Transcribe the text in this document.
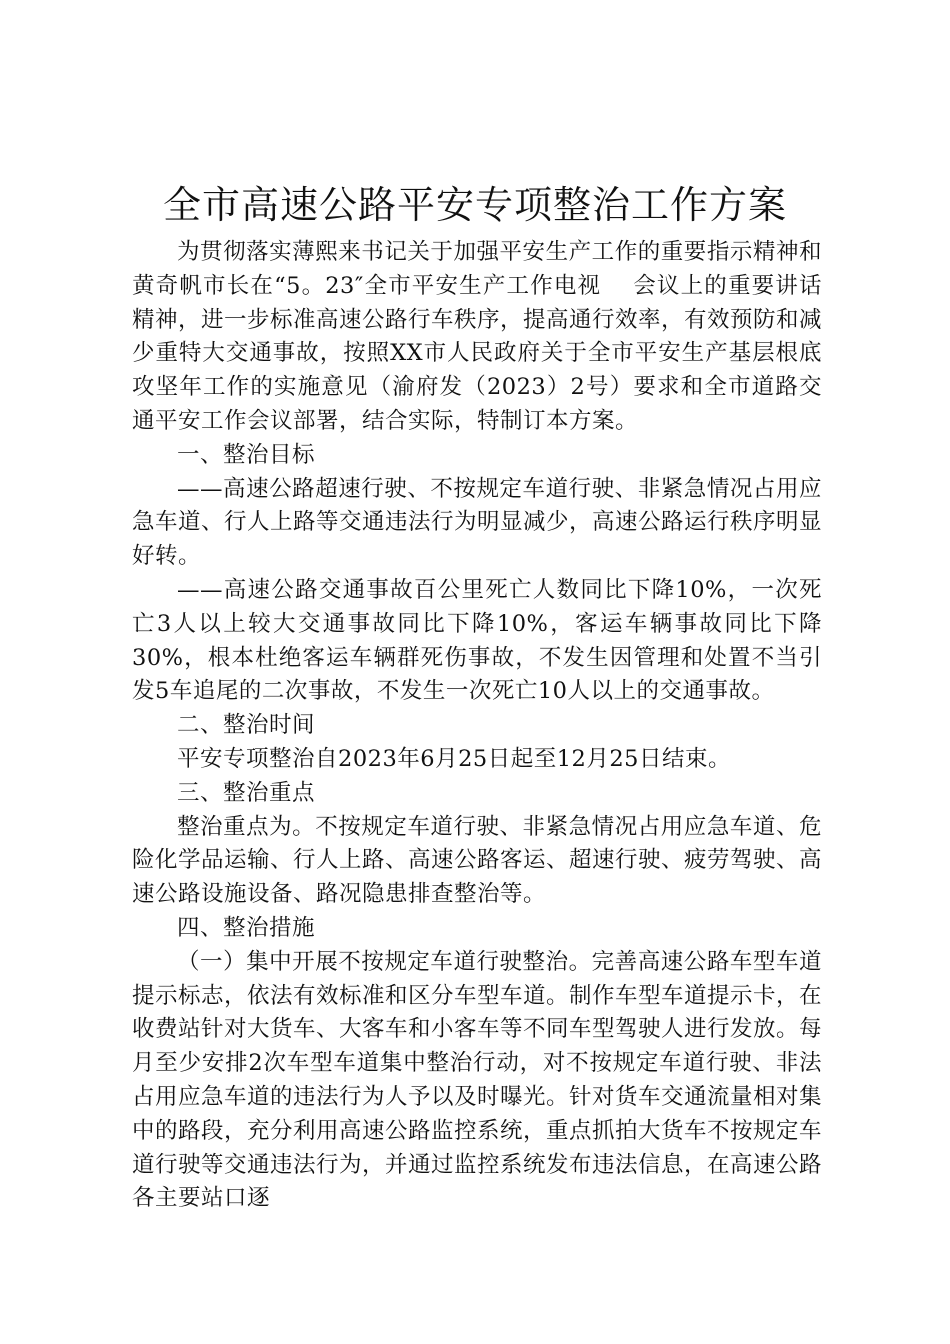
全市高速公路平安专项整治工作方案

为贯彻落实薄熙来书记关于加强平安生产工作的重要指示精神和黄奇帆市长在“5。23″全市平安生产工作电视　 会议上的重要讲话精神，进一步标准高速公路行车秩序，提高通行效率，有效预防和减少重特大交通事故，按照XX市人民政府关于全市平安生产基层根底攻坚年工作的实施意见（渝府发（2023）2号）要求和全市道路交通平安工作会议部署，结合实际，特制订本方案。

一、整治目标

——高速公路超速行驶、不按规定车道行驶、非紧急情况占用应急车道、行人上路等交通违法行为明显减少，高速公路运行秩序明显好转。

——高速公路交通事故百公里死亡人数同比下降10%，一次死亡3人以上较大交通事故同比下降10%，客运车辆事故同比下降30%，根本杜绝客运车辆群死伤事故，不发生因管理和处置不当引发5车追尾的二次事故，不发生一次死亡10人以上的交通事故。

二、整治时间

平安专项整治自2023年6月25日起至12月25日结束。

三、整治重点

整治重点为。不按规定车道行驶、非紧急情况占用应急车道、危险化学品运输、行人上路、高速公路客运、超速行驶、疲劳驾驶、高速公路设施设备、路况隐患排查整治等。

四、整治措施

（一）集中开展不按规定车道行驶整治。完善高速公路车型车道提示标志，依法有效标准和区分车型车道。制作车型车道提示卡，在收费站针对大货车、大客车和小客车等不同车型驾驶人进行发放。每月至少安排2次车型车道集中整治行动，对不按规定车道行驶、非法占用应急车道的违法行为人予以及时曝光。针对货车交通流量相对集中的路段，充分利用高速公路监控系统，重点抓拍大货车不按规定车道行驶等交通违法行为，并通过监控系统发布违法信息，在高速公路各主要站口逐
